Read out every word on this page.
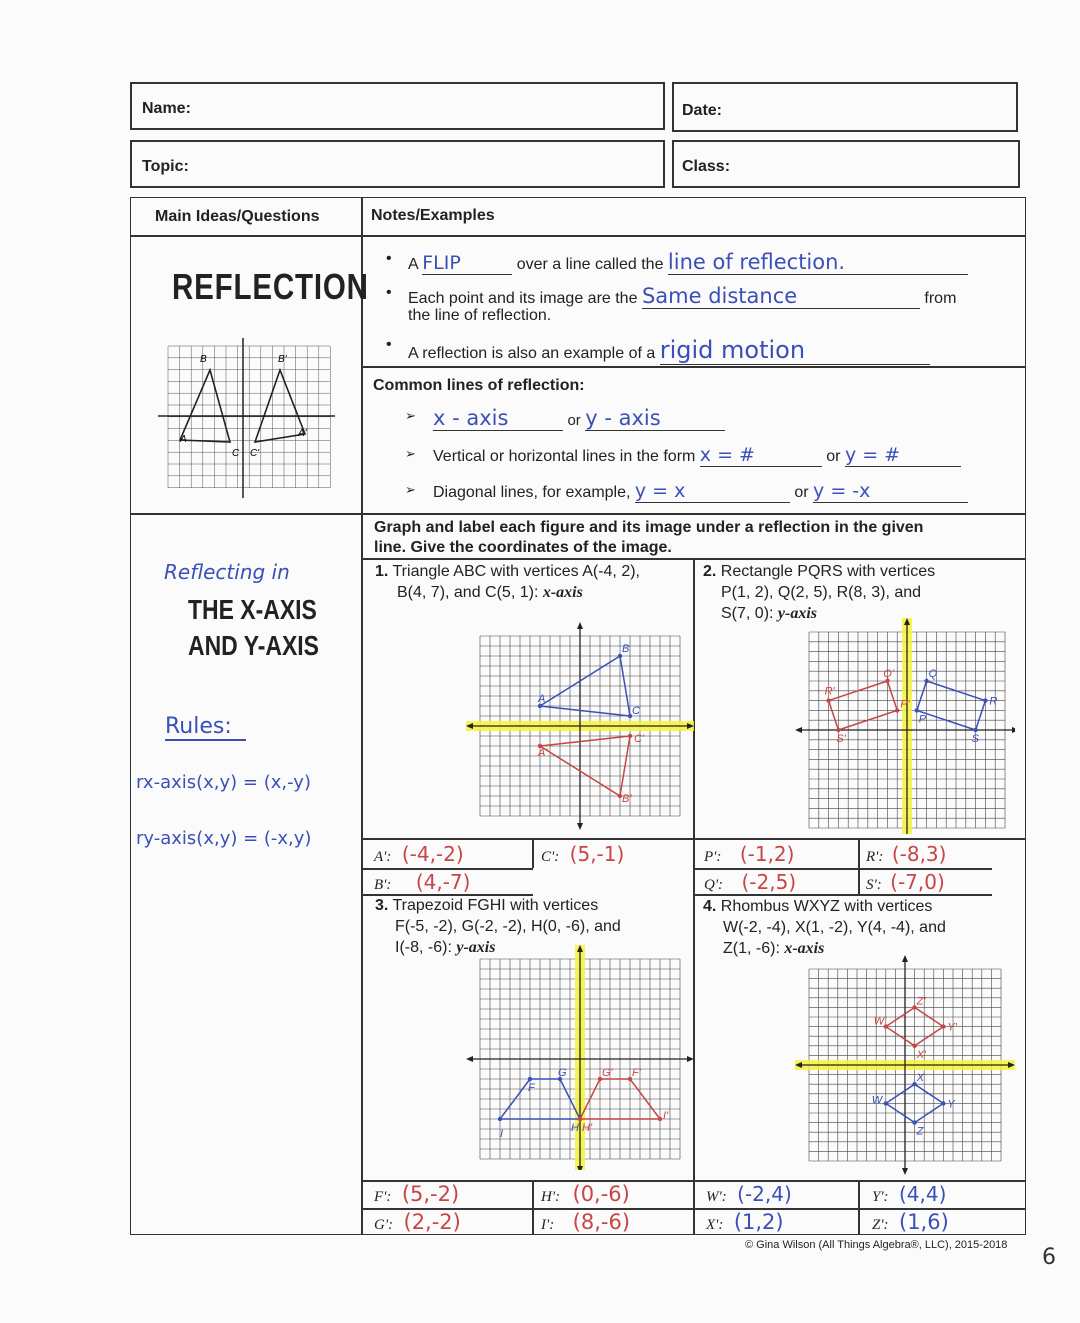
Name:	Date:
Topic:	Class:
Main Ideas/Questions	Notes/Examples
REFLECTION
B	B'
A
A'
C C'
Reflecting in
THE X-AXIS
AND Y-AXIS
Rules:
rx-axis(x,y) = (x,-y)
ry-axis(x,y) = (-x,y)
• A FLIP	over a line called the line of reflection.
• Each point and its image are the Same distance	from
the line of reflection.
• A reflection is also an example of a rigid motion
Common lines of reflection:
➢ x - axis	or y - axis
➢ Vertical or horizontal lines in the form x = #	or y = #
➢ Diagonal lines, for example, y = x	or y = -x
Graph and label each figure and its image under a reflection in the given
line. Give the coordinates of the image.
1. Triangle ABC with vertices A(-4, 2),
B(4, 7), and C(5, 1): x-axis
2. Rectangle PQRS with vertices
P(1, 2), Q(2, 5), R(8, 3), and
S(7, 0): y-axis
B
A
C
A'
C'
B'
R'
S'
P'
Q'	Q
P
R
S
F
G	G' F'
I
I'
H H'
W'
Z'
Y'
X'
X
W	Y
Z
A': (-4,-2)	C': (5,-1)
B': (4,-7)
P': (-1,2)	R': (-8,3)
Q': (-2,5)	S': (-7,0)
3. Trapezoid FGHI with vertices
F(-5, -2), G(-2, -2), H(0, -6), and
I(-8, -6): y-axis
4. Rhombus WXYZ with vertices
W(-2, -4), X(1, -2), Y(4, -4), and
Z(1, -6): x-axis
F': (5,-2)	H': (0,-6)
G': (2,-2)	I': (8,-6)
W': (-2,4)	Y': (4,4)
X': (1,2)	Z': (1,6)
© Gina Wilson (All Things Algebra®, LLC), 2015-2018 6
